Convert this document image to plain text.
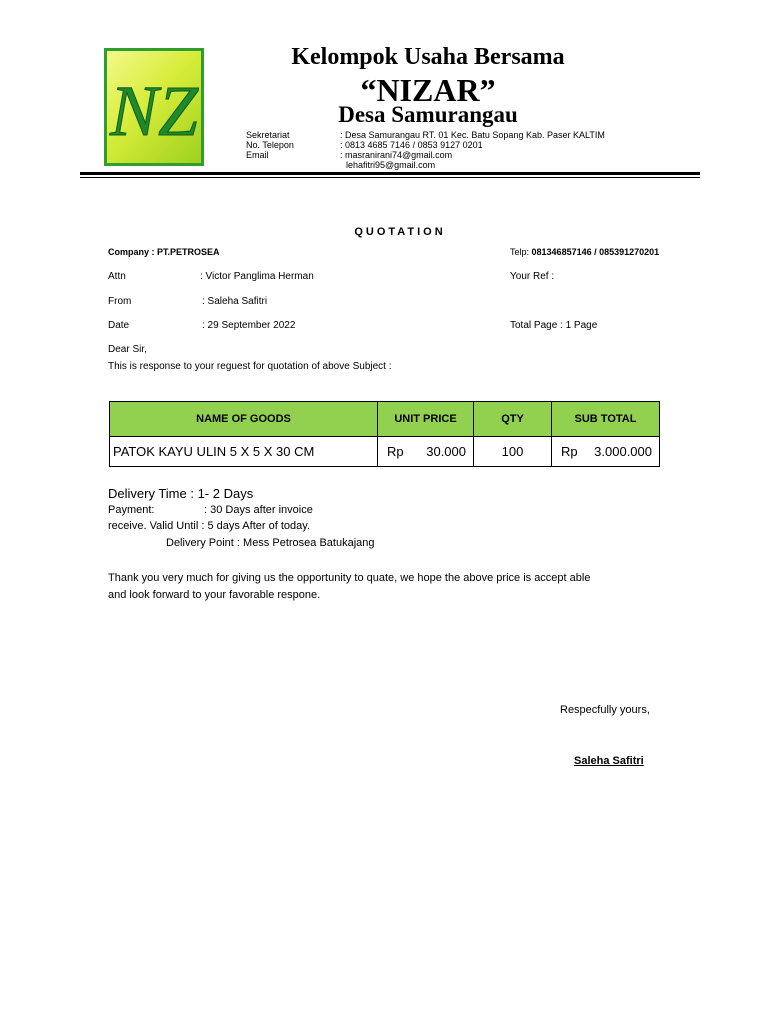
NZ
Kelompok Usaha Bersama
“NIZAR”
Desa Samurangau
Sekretariat	: Desa Samurangau RT. 01 Kec. Batu Sopang Kab. Paser KALTIM
No. Telepon	: 0813 4685 7146 / 0853 9127 0201
Email	: masranirani74@gmail.com
lehafitri95@gmail.com
QUOTATION
Company : PT.PETROSEA	Telp: 081346857146 / 085391270201
Attn	: Victor Panglima Herman	Your Ref :
From	: Saleha Safitri
Date	: 29 September 2022	Total Page : 1 Page
Dear Sir,
This is response to your reguest for quotation of above Subject :
NAME OF GOODS	UNIT PRICE	QTY	SUB TOTAL
PATOK KAYU ULIN 5 X 5 X 30 CM	Rp 30.000	100	Rp 3.000.000
Delivery Time : 1- 2 Days
Payment:	: 30 Days after invoice
receive. Valid Until : 5 days After of today.
Delivery Point : Mess Petrosea Batukajang
Thank you very much for giving us the opportunity to quate, we hope the above price is accept able
and look forward to your favorable respone.
Respecfully yours,
Saleha Safitri
